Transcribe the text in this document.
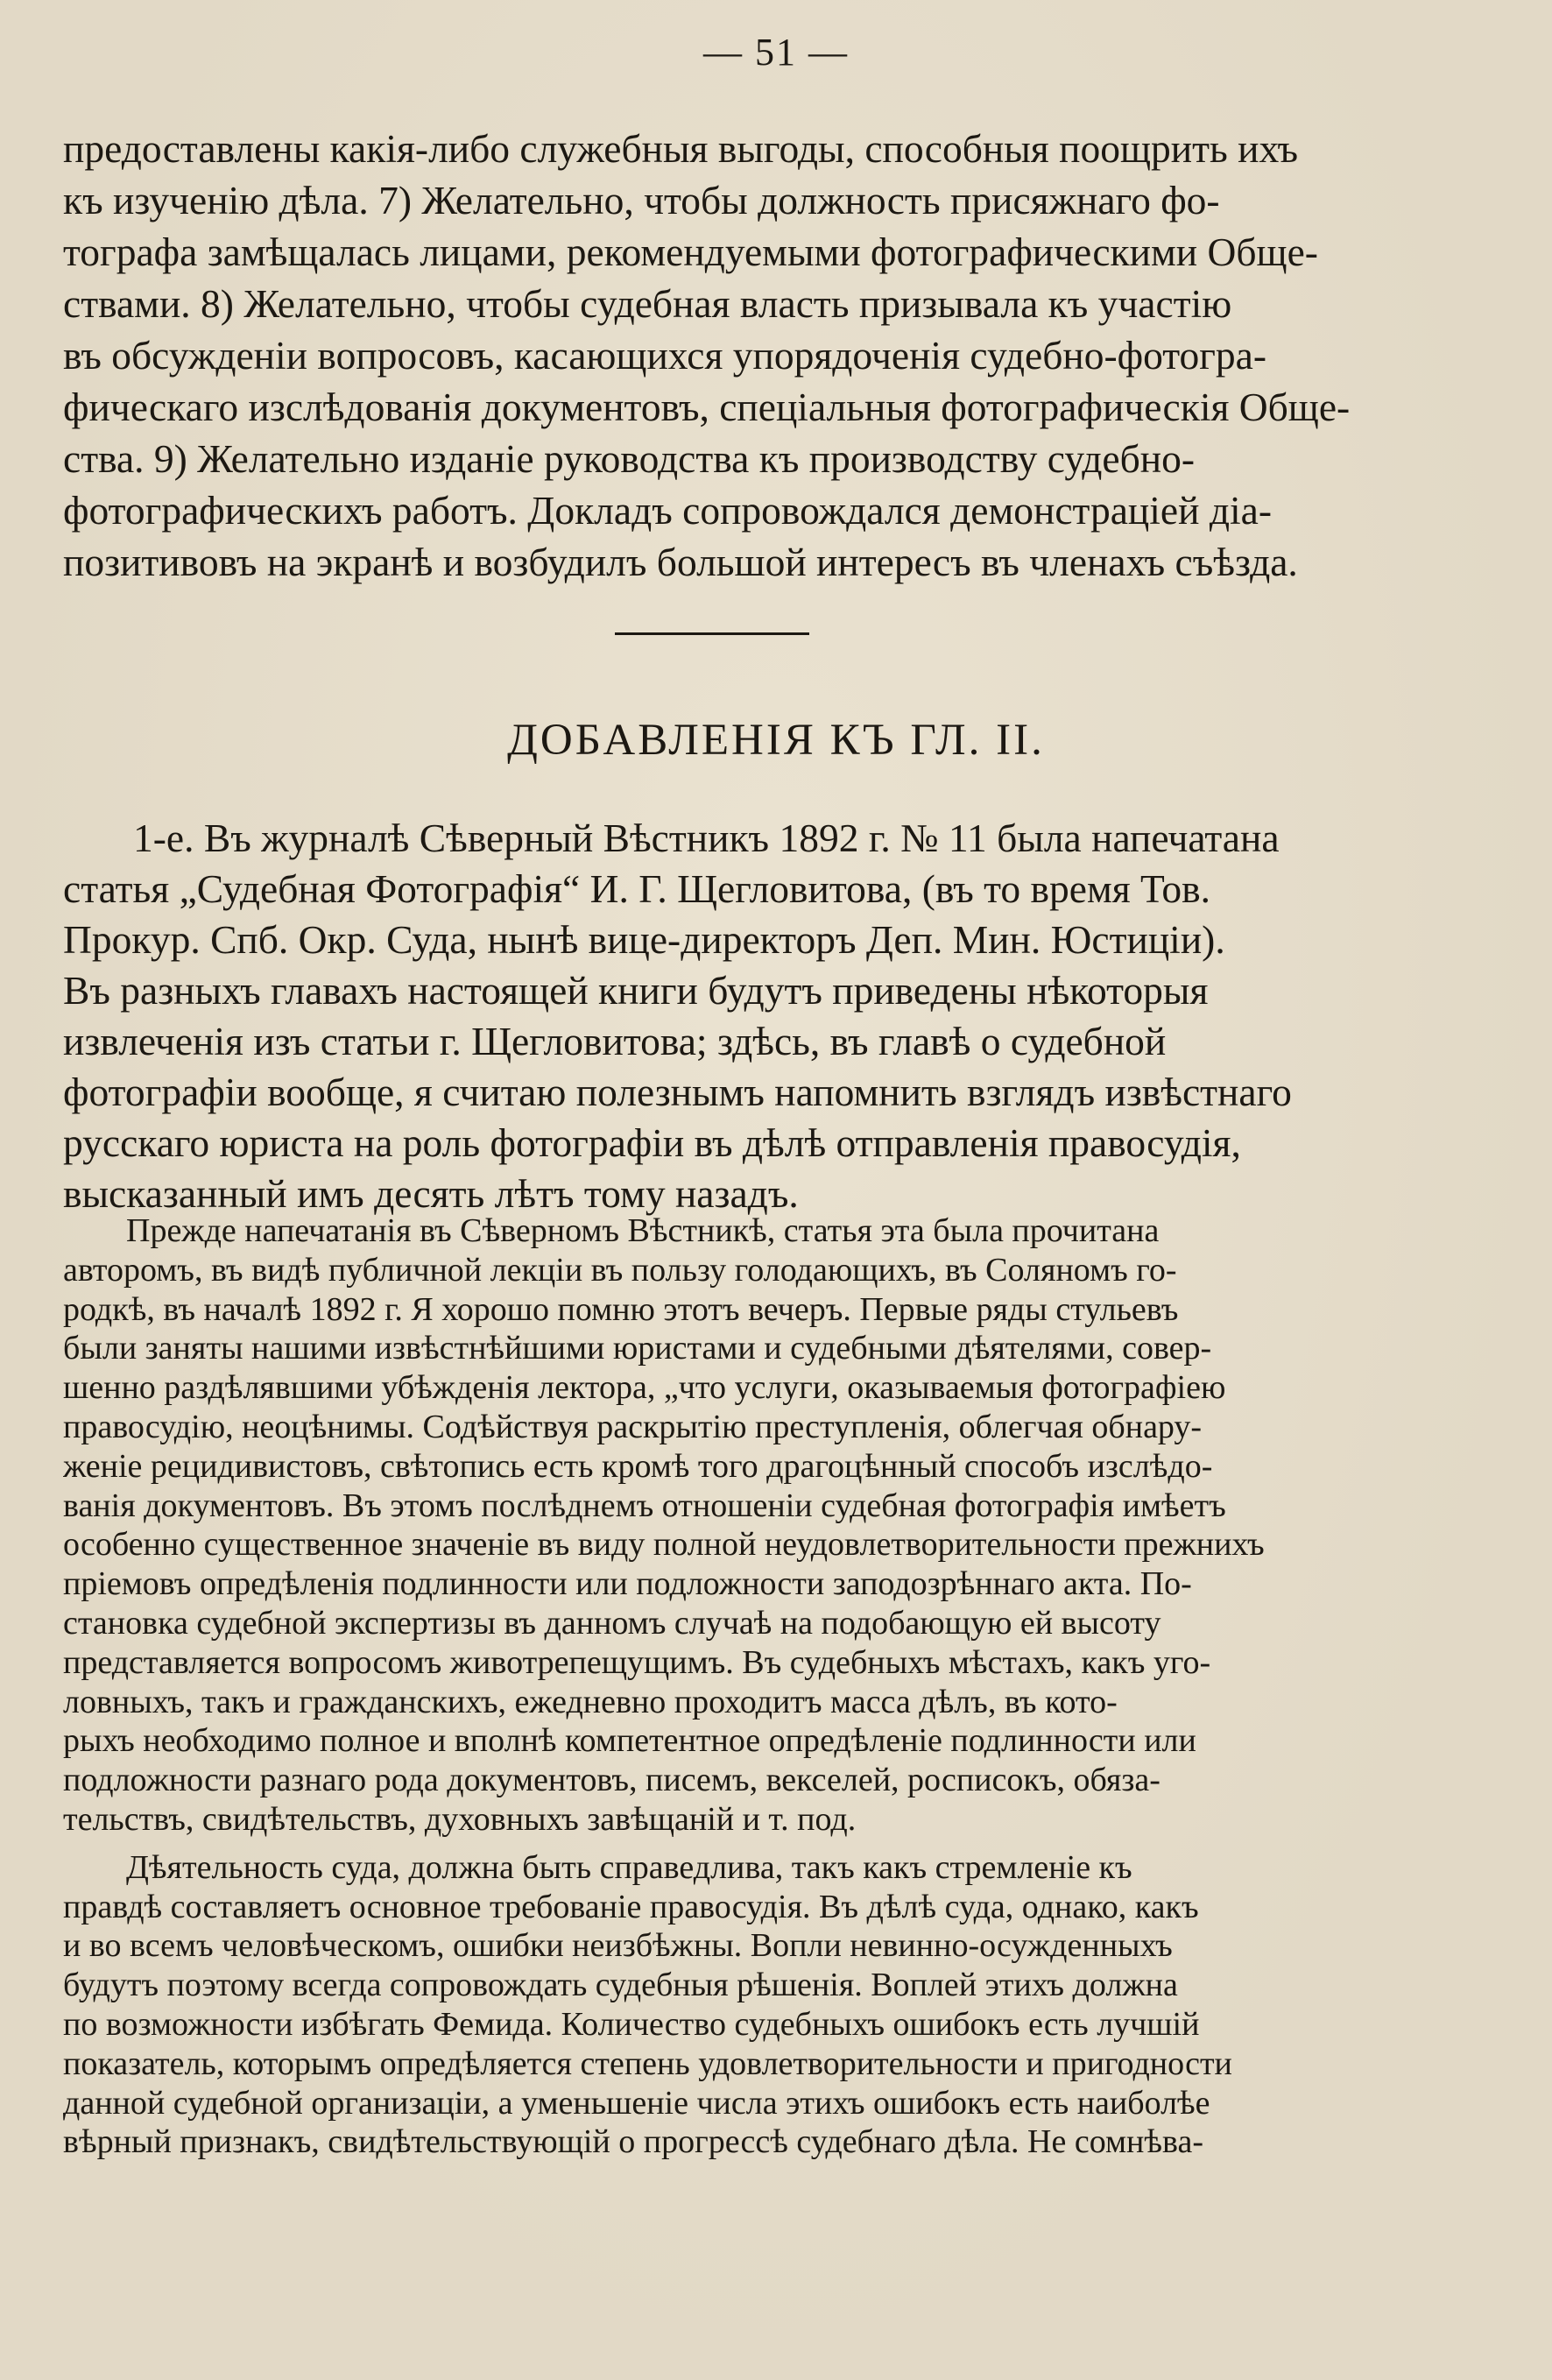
— 51 —
предоставлены какія-либо служебныя выгоды, способныя поощрить ихъ
къ изученію дѣла. 7) Желательно, чтобы должность присяжнаго фо-
тографа замѣщалась лицами, рекомендуемыми фотографическими Обще-
ствами. 8) Желательно, чтобы судебная власть призывала къ участію
въ обсужденіи вопросовъ, касающихся упорядоченія судебно-фотогра-
фическаго изслѣдованія документовъ, спеціальныя фотографическія Обще-
ства. 9) Желательно изданіе руководства къ производству судебно-
фотографическихъ работъ. Докладъ сопровождался демонстраціей діа-
позитивовъ на экранѣ и возбудилъ большой интересъ въ членахъ съѣзда.
ДОБАВЛЕНІЯ КЪ ГЛ. II.
1-е. Въ журналѣ Сѣверный Вѣстникъ 1892 г. № 11 была напечатана
статья „Судебная Фотографія“ И. Г. Щегловитова, (въ то время Тов.
Прокур. Спб. Окр. Суда, нынѣ вице-директоръ Деп. Мин. Юстиціи).
Въ разныхъ главахъ настоящей книги будутъ приведены нѣкоторыя
извлеченія изъ статьи г. Щегловитова; здѣсь, въ главѣ о судебной
фотографіи вообще, я считаю полезнымъ напомнить взглядъ извѣстнаго
русскаго юриста на роль фотографіи въ дѣлѣ отправленія правосудія,
высказанный имъ десять лѣтъ тому назадъ.
Прежде напечатанія въ Сѣверномъ Вѣстникѣ, статья эта была прочитана
авторомъ, въ видѣ публичной лекціи въ пользу голодающихъ, въ Соляномъ го-
родкѣ, въ началѣ 1892 г. Я хорошо помню этотъ вечеръ. Первые ряды стульевъ
были заняты нашими извѣстнѣйшими юристами и судебными дѣятелями, совер-
шенно раздѣлявшими убѣжденія лектора, „что услуги, оказываемыя фотографіею
правосудію, неоцѣнимы. Содѣйствуя раскрытію преступленія, облегчая обнару-
женіе рецидивистовъ, свѣтопись есть кромѣ того драгоцѣнный способъ изслѣдо-
ванія документовъ. Въ этомъ послѣднемъ отношеніи судебная фотографія имѣетъ
особенно существенное значеніе въ виду полной неудовлетворительности прежнихъ
пріемовъ опредѣленія подлинности или подложности заподозрѣннаго акта. По-
становка судебной экспертизы въ данномъ случаѣ на подобающую ей высоту
представляется вопросомъ животрепещущимъ. Въ судебныхъ мѣстахъ, какъ уго-
ловныхъ, такъ и гражданскихъ, ежедневно проходитъ масса дѣлъ, въ кото-
рыхъ необходимо полное и вполнѣ компетентное опредѣленіе подлинности или
подложности разнаго рода документовъ, писемъ, векселей, росписокъ, обяза-
тельствъ, свидѣтельствъ, духовныхъ завѣщаній и т. под.
Дѣятельность суда, должна быть справедлива, такъ какъ стремленіе къ
правдѣ составляетъ основное требованіе правосудія. Въ дѣлѣ суда, однако, какъ
и во всемъ человѣческомъ, ошибки неизбѣжны. Вопли невинно-осужденныхъ
будутъ поэтому всегда сопровождать судебныя рѣшенія. Воплей этихъ должна
по возможности избѣгать Фемида. Количество судебныхъ ошибокъ есть лучшій
показатель, которымъ опредѣляется степень удовлетворительности и пригодности
данной судебной организаціи, а уменьшеніе числа этихъ ошибокъ есть наиболѣе
вѣрный признакъ, свидѣтельствующій о прогрессѣ судебнаго дѣла. Не сомнѣва-
